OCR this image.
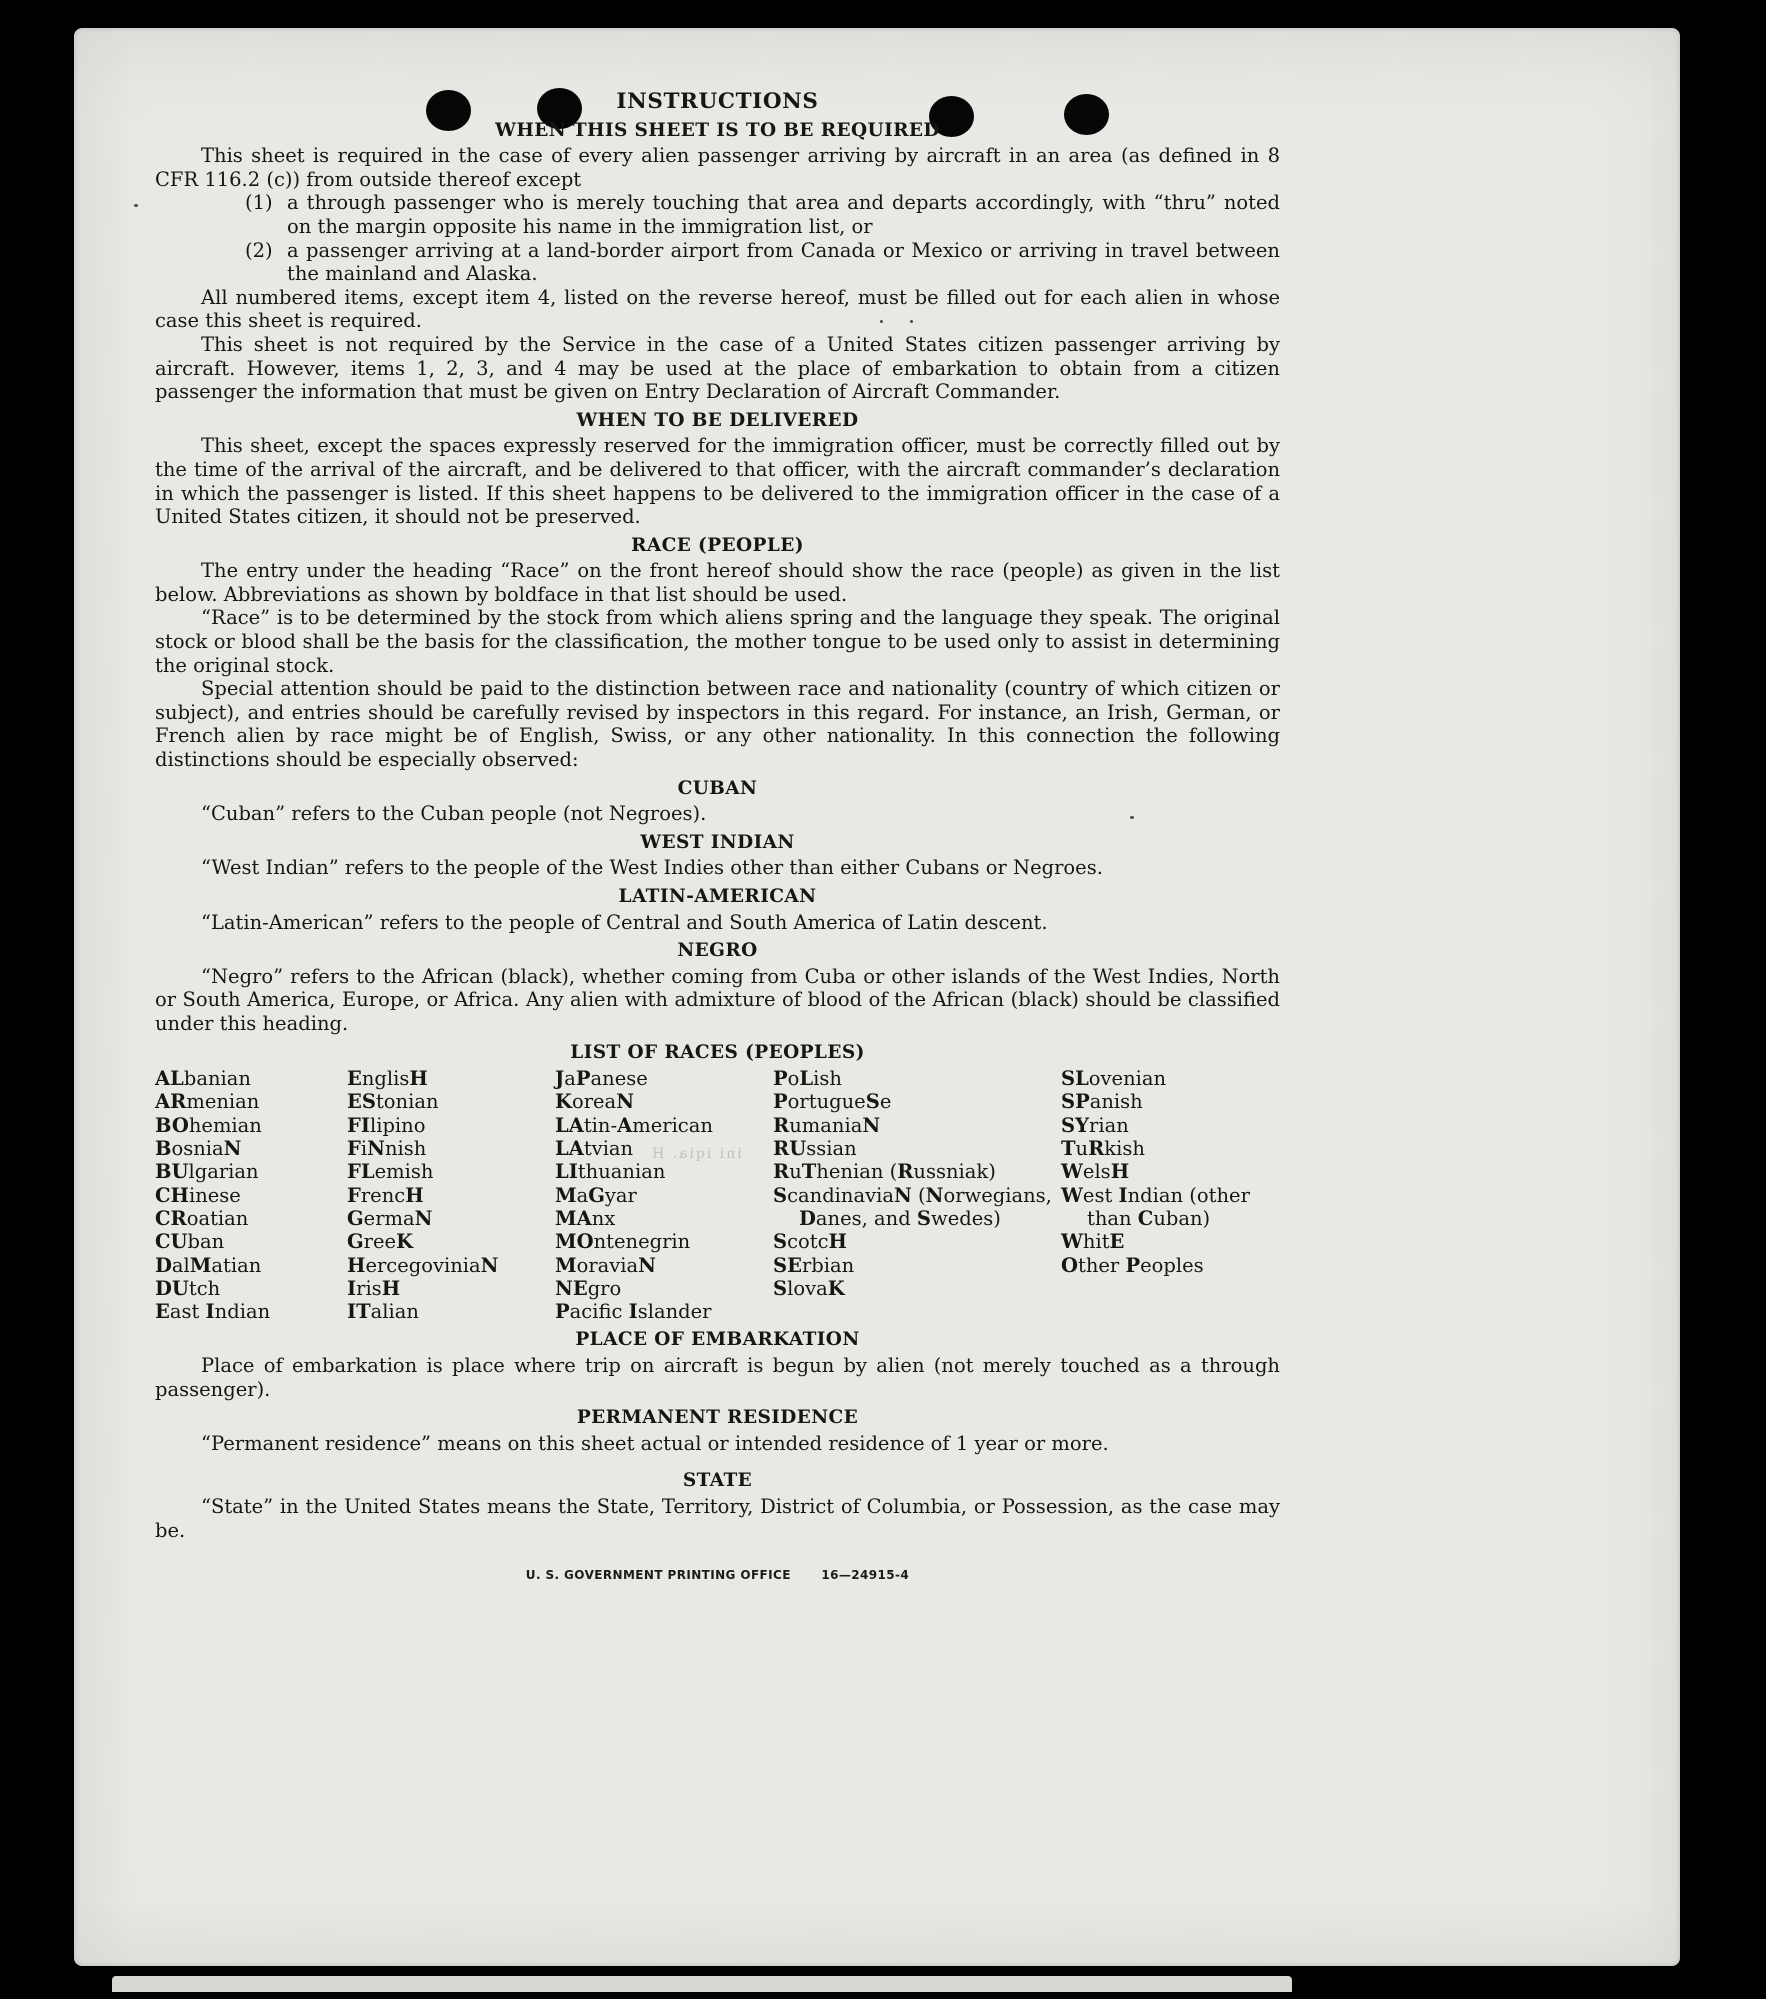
​ini iqia. H​
INSTRUCTIONS
WHEN THIS SHEET IS TO BE REQUIRED

This sheet is required in the case of every alien passenger arriving by aircraft in an area (as defined in 8 CFR 116.2 (c)) from outside thereof except

(1) a through passenger who is merely touching that area and departs accordingly, with “thru” noted on the margin opposite his name in the immigration list, or
(2) a passenger arriving at a land-border airport from Canada or Mexico or arriving in travel between the mainland and Alaska.

All numbered items, except item 4, listed on the reverse hereof, must be filled out for each alien in whose case this sheet is required.

This sheet is not required by the Service in the case of a United States citizen passenger arriving by aircraft. However, items 1, 2, 3, and 4 may be used at the place of embarkation to obtain from a citizen passenger the information that must be given on Entry Declaration of Aircraft Commander.

WHEN TO BE DELIVERED

This sheet, except the spaces expressly reserved for the immigration officer, must be correctly filled out by the time of the arrival of the aircraft, and be delivered to that officer, with the aircraft commander’s declaration in which the passenger is listed. If this sheet happens to be delivered to the immigration officer in the case of a United States citizen, it should not be preserved.

RACE (PEOPLE)

The entry under the heading “Race” on the front hereof should show the race (people) as given in the list below. Abbreviations as shown by boldface in that list should be used.

“Race” is to be determined by the stock from which aliens spring and the language they speak. The original stock or blood shall be the basis for the classification, the mother tongue to be used only to assist in determining the original stock.

Special attention should be paid to the distinction between race and nationality (country of which citizen or subject), and entries should be carefully revised by inspectors in this regard. For instance, an Irish, German, or French alien by race might be of English, Swiss, or any other nationality. In this connection the following distinctions should be especially observed:

CUBAN

“Cuban” refers to the Cuban people (not Negroes).

WEST INDIAN

“West Indian” refers to the people of the West Indies other than either Cubans or Negroes.

LATIN-AMERICAN

“Latin-American” refers to the people of Central and South America of Latin descent.

NEGRO

“Negro” refers to the African (black), whether coming from Cuba or other islands of the West Indies, North or South America, Europe, or Africa. Any alien with admixture of blood of the African (black) should be classified under this heading.

LIST OF RACES (PEOPLES)
ALbanian
ARmenian
BOhemian
BosniaN
BUlgarian
CHinese
CRoatian
CUban
DalMatian
DUtch
East Indian
EnglisH
EStonian
FIlipino
FiNnish
FLemish
FrencH
GermaN
GreeK
HercegoviniaN
IrisH
ITalian
JaPanese
KoreaN
LAtin-American
LAtvian
LIthuanian
MaGyar
MAnx
MOntenegrin
MoraviaN
NEgro
Pacific Islander
PoLish
PortugueSe
RumaniaN
RUssian
RuThenian (Russniak)
ScandinaviaN (Norwegians, Danes, and Swedes)
ScotcH
SErbian
SlovaK
SLovenian
SPanish
SYrian
TuRkish
WelsH
West Indian (other than Cuban)
WhitE
Other Peoples
PLACE OF EMBARKATION

Place of embarkation is place where trip on aircraft is begun by alien (not merely touched as a through passenger).

PERMANENT RESIDENCE

“Permanent residence” means on this sheet actual or intended residence of 1 year or more.

STATE

“State” in the United States means the State, Territory, District of Columbia, or Possession, as the case may be.

U. S. GOVERNMENT PRINTING OFFICE	16—24915-4
